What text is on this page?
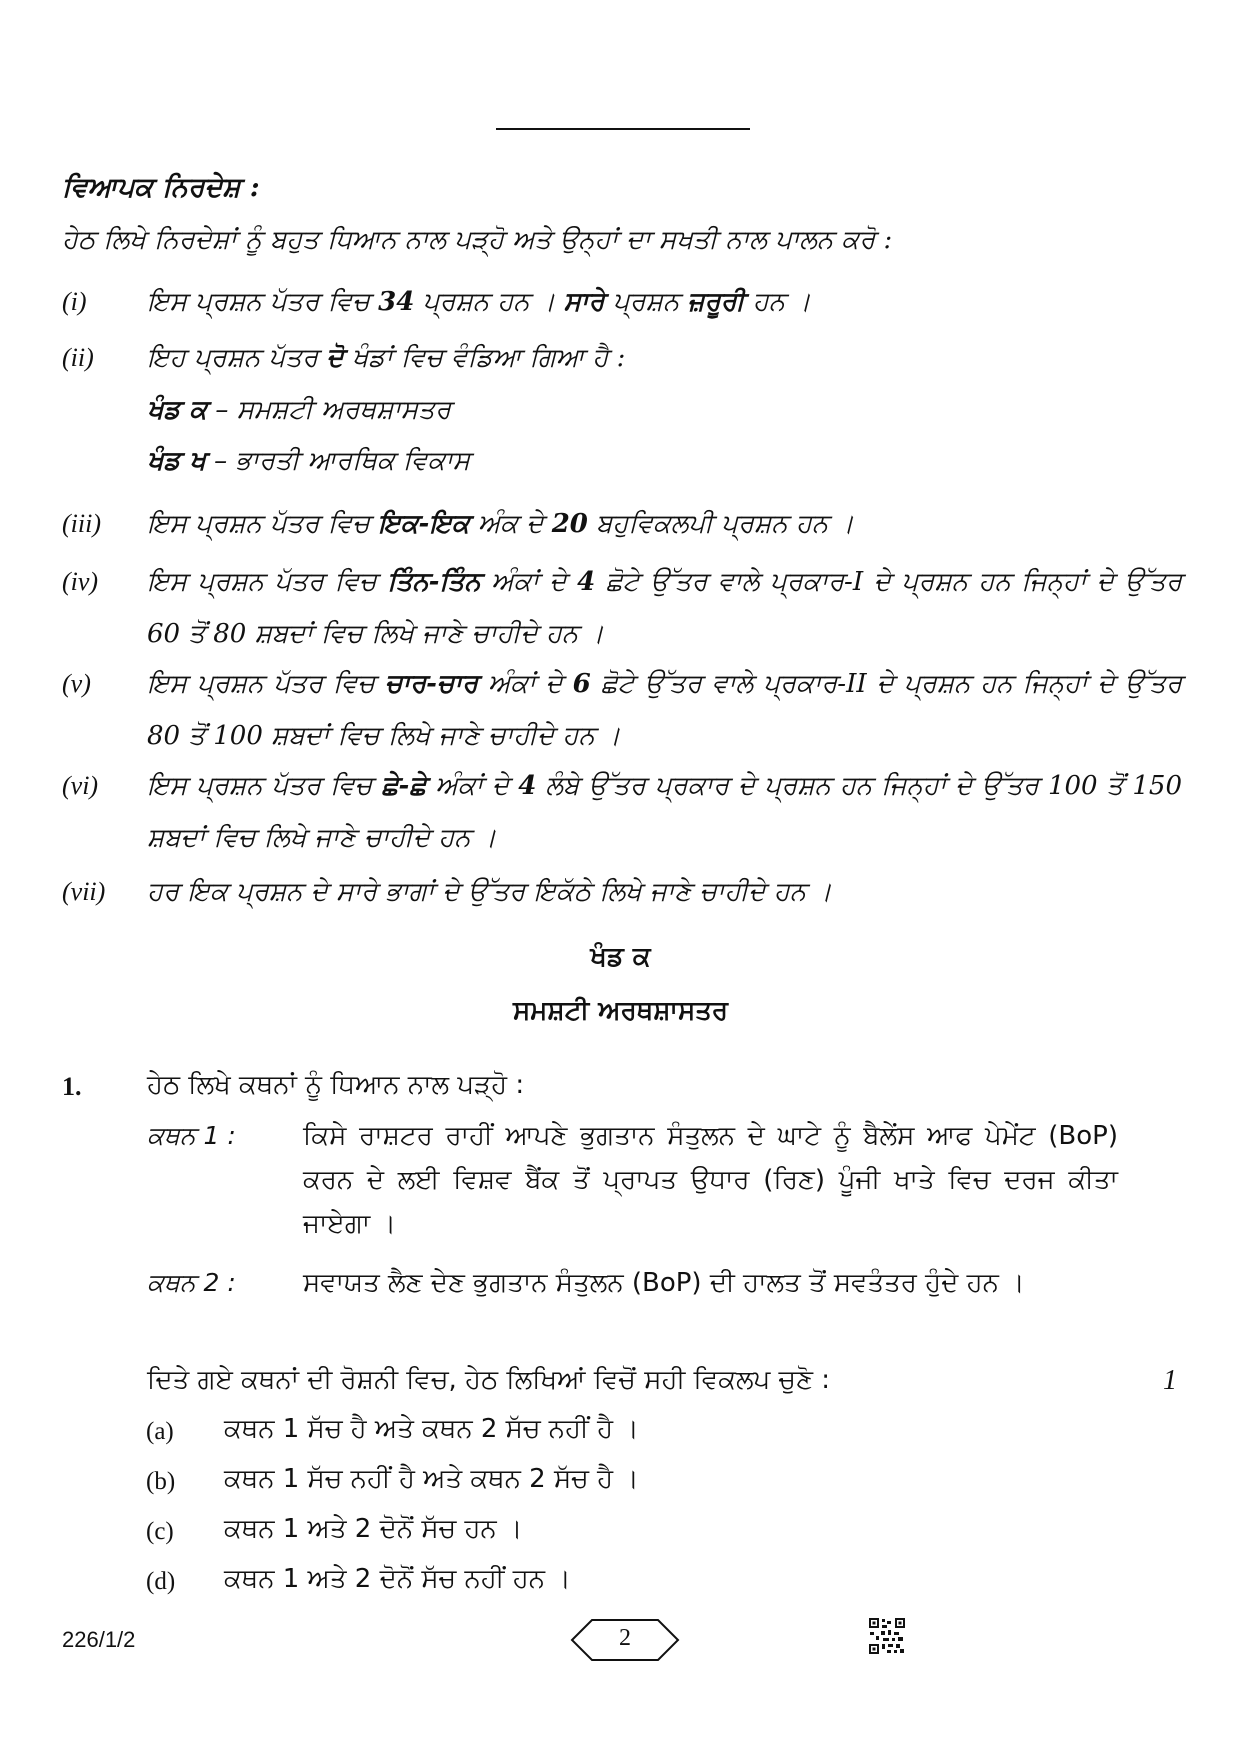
ਵਿਆਪਕ ਨਿਰਦੇਸ਼ :
ਹੇਠ ਲਿਖੇ ਨਿਰਦੇਸ਼ਾਂ ਨੂੰ ਬਹੁਤ ਧਿਆਨ ਨਾਲ ਪੜ੍ਹੋ ਅਤੇ ਉਨ੍ਹਾਂ ਦਾ ਸਖਤੀ ਨਾਲ ਪਾਲਨ ਕਰੋ :
(i) ਇਸ ਪ੍ਰਸ਼ਨ ਪੱਤਰ ਵਿਚ 34 ਪ੍ਰਸ਼ਨ ਹਨ । ਸਾਰੇ ਪ੍ਰਸ਼ਨ ਜ਼ਰੂਰੀ ਹਨ ।
(ii) ਇਹ ਪ੍ਰਸ਼ਨ ਪੱਤਰ ਦੋ ਖੰਡਾਂ ਵਿਚ ਵੰਡਿਆ ਗਿਆ ਹੈ :
ਖੰਡ ਕ – ਸਮਸ਼ਟੀ ਅਰਥਸ਼ਾਸਤਰ
ਖੰਡ ਖ – ਭਾਰਤੀ ਆਰਥਿਕ ਵਿਕਾਸ
(iii) ਇਸ ਪ੍ਰਸ਼ਨ ਪੱਤਰ ਵਿਚ ਇਕ-ਇਕ ਅੰਕ ਦੇ 20 ਬਹੁਵਿਕਲਪੀ ਪ੍ਰਸ਼ਨ ਹਨ ।
(iv) ਇਸ ਪ੍ਰਸ਼ਨ ਪੱਤਰ ਵਿਚ ਤਿੰਨ-ਤਿੰਨ ਅੰਕਾਂ ਦੇ 4 ਛੋਟੇ ਉੱਤਰ ਵਾਲੇ ਪ੍ਰਕਾਰ-I ਦੇ ਪ੍ਰਸ਼ਨ ਹਨ ਜਿਨ੍ਹਾਂ ਦੇ ਉੱਤਰ 60 ਤੋਂ 80 ਸ਼ਬਦਾਂ ਵਿਚ ਲਿਖੇ ਜਾਣੇ ਚਾਹੀਦੇ ਹਨ ।
(v) ਇਸ ਪ੍ਰਸ਼ਨ ਪੱਤਰ ਵਿਚ ਚਾਰ-ਚਾਰ ਅੰਕਾਂ ਦੇ 6 ਛੋਟੇ ਉੱਤਰ ਵਾਲੇ ਪ੍ਰਕਾਰ-II ਦੇ ਪ੍ਰਸ਼ਨ ਹਨ ਜਿਨ੍ਹਾਂ ਦੇ ਉੱਤਰ 80 ਤੋਂ 100 ਸ਼ਬਦਾਂ ਵਿਚ ਲਿਖੇ ਜਾਣੇ ਚਾਹੀਦੇ ਹਨ ।
(vi) ਇਸ ਪ੍ਰਸ਼ਨ ਪੱਤਰ ਵਿਚ ਛੇ-ਛੇ ਅੰਕਾਂ ਦੇ 4 ਲੰਬੇ ਉੱਤਰ ਪ੍ਰਕਾਰ ਦੇ ਪ੍ਰਸ਼ਨ ਹਨ ਜਿਨ੍ਹਾਂ ਦੇ ਉੱਤਰ 100 ਤੋਂ 150 ਸ਼ਬਦਾਂ ਵਿਚ ਲਿਖੇ ਜਾਣੇ ਚਾਹੀਦੇ ਹਨ ।
(vii) ਹਰ ਇਕ ਪ੍ਰਸ਼ਨ ਦੇ ਸਾਰੇ ਭਾਗਾਂ ਦੇ ਉੱਤਰ ਇਕੱਠੇ ਲਿਖੇ ਜਾਣੇ ਚਾਹੀਦੇ ਹਨ ।
ਖੰਡ ਕ
ਸਮਸ਼ਟੀ ਅਰਥਸ਼ਾਸਤਰ
1.	ਹੇਠ ਲਿਖੇ ਕਥਨਾਂ ਨੂੰ ਧਿਆਨ ਨਾਲ ਪੜ੍ਹੋ :
ਕਥਨ 1 :	ਕਿਸੇ ਰਾਸ਼ਟਰ ਰਾਹੀਂ ਆਪਣੇ ਭੁਗਤਾਨ ਸੰਤੁਲਨ ਦੇ ਘਾਟੇ ਨੂੰ ਬੈਲੇਂਸ ਆਫ ਪੇਮੇਂਟ (BoP) ਕਰਨ ਦੇ ਲਈ ਵਿਸ਼ਵ ਬੈਂਕ ਤੋਂ ਪ੍ਰਾਪਤ ਉਧਾਰ (ਰਿਣ) ਪੂੰਜੀ ਖਾਤੇ ਵਿਚ ਦਰਜ ਕੀਤਾ ਜਾਏਗਾ ।
ਕਥਨ 2 :	ਸਵਾਯਤ ਲੈਣ ਦੇਣ ਭੁਗਤਾਨ ਸੰਤੁਲਨ (BoP) ਦੀ ਹਾਲਤ ਤੋਂ ਸਵਤੰਤਰ ਹੁੰਦੇ ਹਨ ।
ਦਿਤੇ ਗਏ ਕਥਨਾਂ ਦੀ ਰੋਸ਼ਨੀ ਵਿਚ, ਹੇਠ ਲਿਖਿਆਂ ਵਿਚੋਂ ਸਹੀ ਵਿਕਲਪ ਚੁਣੋ :	1
(a) ਕਥਨ 1 ਸੱਚ ਹੈ ਅਤੇ ਕਥਨ 2 ਸੱਚ ਨਹੀਂ ਹੈ ।
(b) ਕਥਨ 1 ਸੱਚ ਨਹੀਂ ਹੈ ਅਤੇ ਕਥਨ 2 ਸੱਚ ਹੈ ।
(c) ਕਥਨ 1 ਅਤੇ 2 ਦੋਨੋਂ ਸੱਚ ਹਨ ।
(d) ਕਥਨ 1 ਅਤੇ 2 ਦੋਨੋਂ ਸੱਚ ਨਹੀਂ ਹਨ ।
226/1/2	2
